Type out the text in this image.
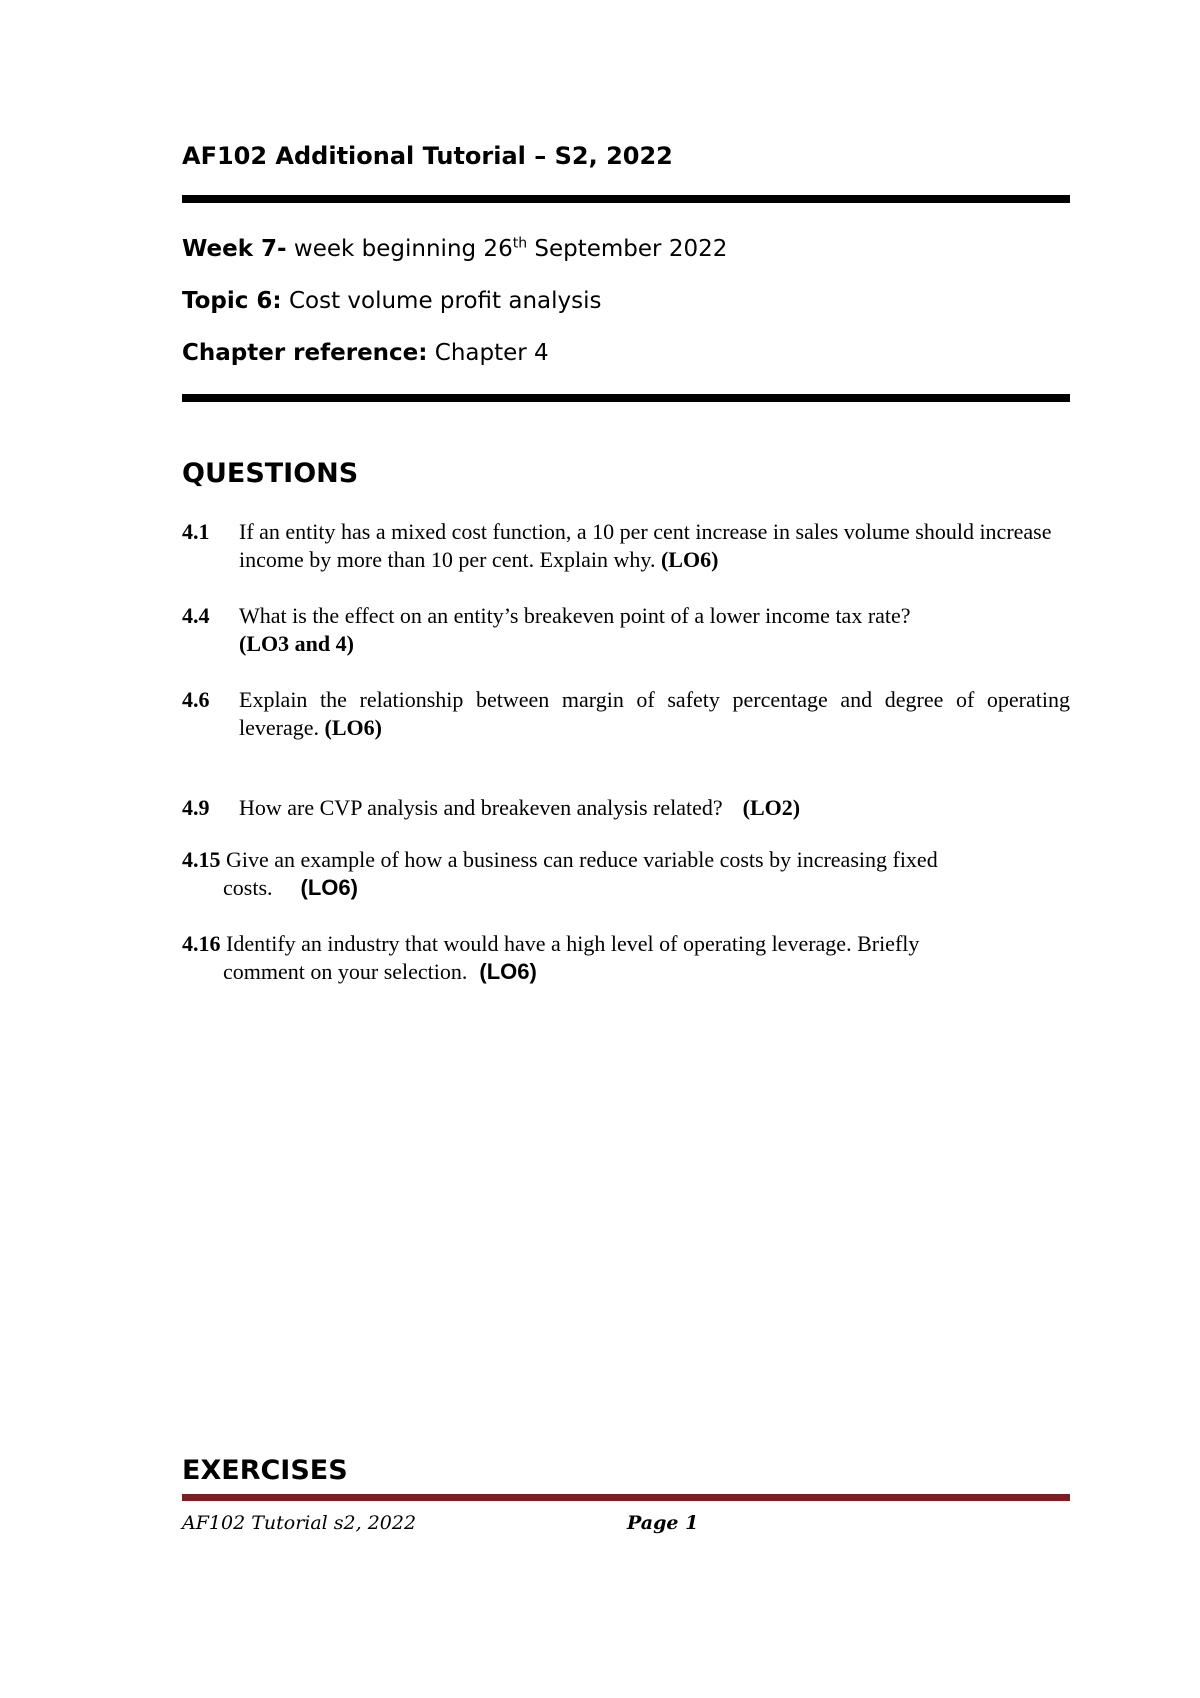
AF102 Additional Tutorial – S2, 2022
Week 7- week beginning 26th September 2022
Topic 6: Cost volume profit analysis
Chapter reference: Chapter 4
QUESTIONS
4.1 If an entity has a mixed cost function, a 10 per cent increase in sales volume should increase income by more than 10 per cent. Explain why. (LO6)
4.4 What is the effect on an entity’s breakeven point of a lower income tax rate?
(LO3 and 4)
4.6 Explain the relationship between margin of safety percentage and degree of operating leverage. (LO6)
4.9 How are CVP analysis and breakeven analysis related? (LO2)
4.15 Give an example of how a business can reduce variable costs by increasing fixed
costs. (LO6)
4.16 Identify an industry that would have a high level of operating leverage. Briefly
comment on your selection. (LO6)
EXERCISES
AF102 Tutorial s2, 2022	Page 1
